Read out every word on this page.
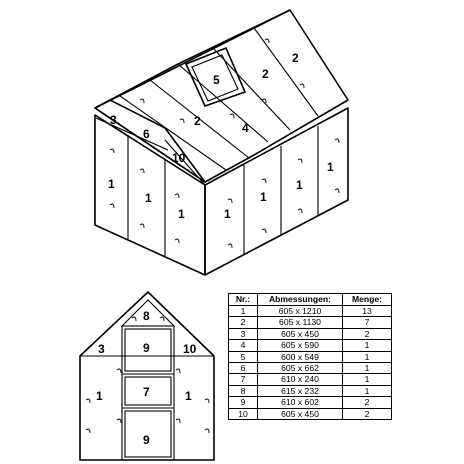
3
6
10
1
1
1	1
1
1
1
5
2
2
2
4
8
3	9	10
1	7	1
9
Nr.:	Abmessungen:	Menge:
1	605 x 1210	13
2	605 x 1130	7
3	605 x 450	2
4	605 x 590	1
5	600 x 549	1
6	605 x 662	1
7	610 x 240	1
8	615 x 232	1
9	610 x 602	2
10	605 x 450	2
